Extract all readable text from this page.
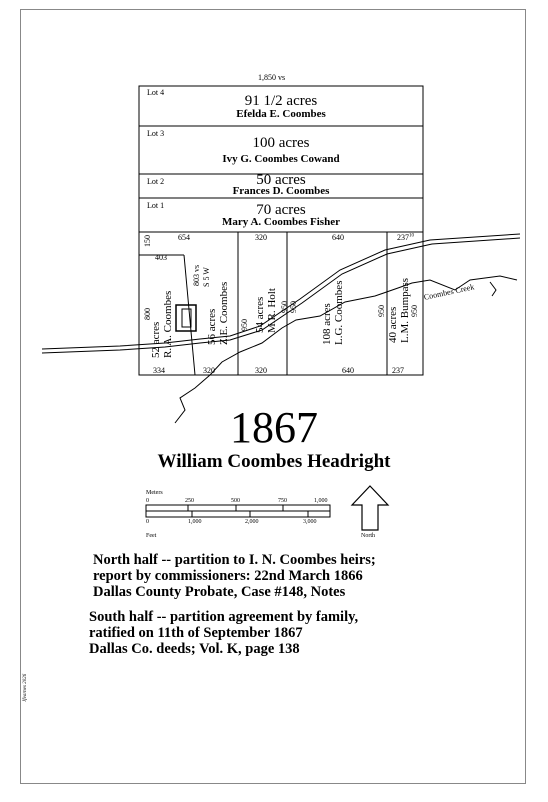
1,850 vs
Lot 4
91 1/2 acres
Efelda E. Coombes
Lot 3
100 acres
Ivy G. Coombes Cowand
Lot 2	50 acres
Frances D. Coombes
Lot 1	70 acres
Mary A. Coombes Fisher
150	654	320	640	$237^{10}$
403
800
803 vs S 5 W
52 acres R. A. Coombes	56 acres Z.E. Coombes 54 acres M.R. Holt	108 acres L.G. Coombes	40 acres L.M. Bumpass
950
950 950	950	950
334	320	320	640	237
Coombes Creek
1867
William Coombes Headright
Meters
0	250	500	750	1,000
0	1,000	2,000	3,000
Feet	North
North half -- partition to I. N. Coombes heirs;
report by commissioners: 22nd March 1866
Dallas County Probate, Case #148, Notes
South half -- partition agreement by family,
ratified on 11th of September 1867
Dallas Co. deeds; Vol. K, page 138
Jfearnes 2026
